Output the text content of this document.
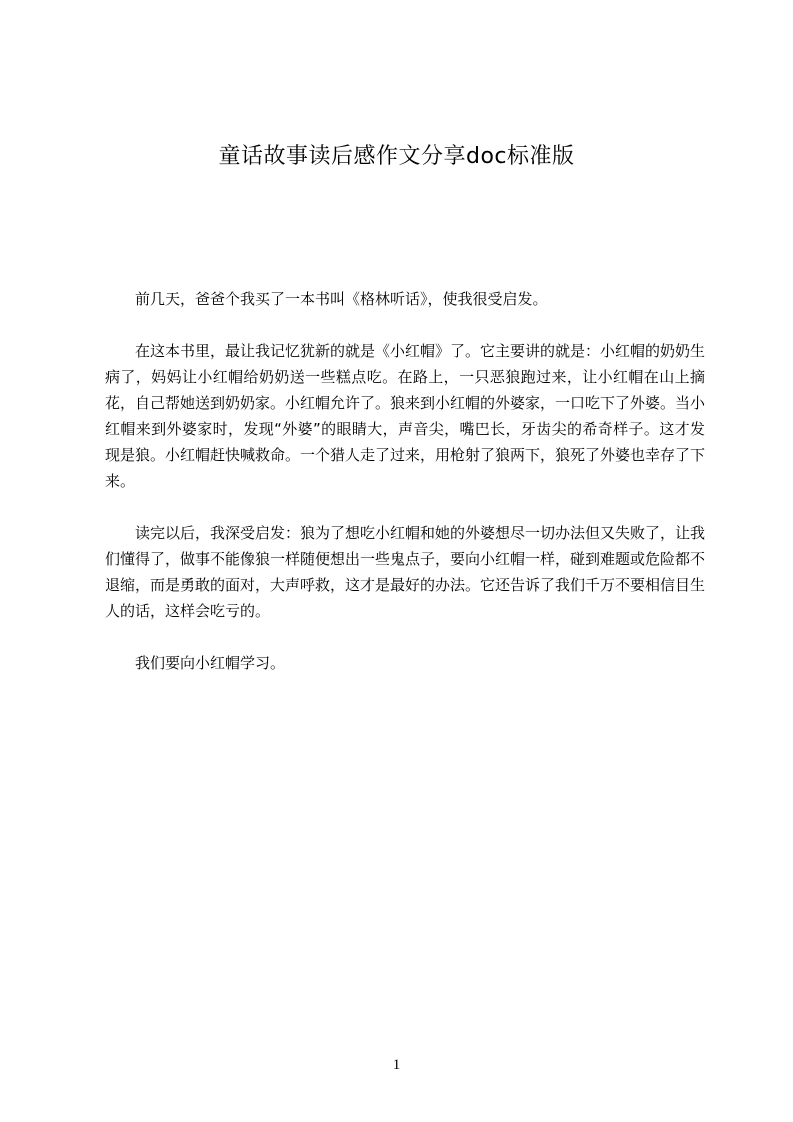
童话故事读后感作文分享doc标准版

前几天，爸爸个我买了一本书叫《格林听话》，使我很受启发。

在这本书里，最让我记忆犹新的就是《小红帽》了。它主要讲的就是：小红帽的奶奶生病了，妈妈让小红帽给奶奶送一些糕点吃。在路上，一只恶狼跑过来，让小红帽在山上摘花，自己帮她送到奶奶家。小红帽允许了。狼来到小红帽的外婆家，一口吃下了外婆。当小红帽来到外婆家时，发现“外婆”的眼睛大，声音尖，嘴巴长，牙齿尖的希奇样子。这才发现是狼。小红帽赶快喊救命。一个猎人走了过来，用枪射了狼两下，狼死了外婆也幸存了下来。

读完以后，我深受启发：狼为了想吃小红帽和她的外婆想尽一切办法但又失败了，让我们懂得了，做事不能像狼一样随便想出一些鬼点子，要向小红帽一样，碰到难题或危险都不退缩，而是勇敢的面对，大声呼救，这才是最好的办法。它还告诉了我们千万不要相信目生人的话，这样会吃亏的。

我们要向小红帽学习。

1
